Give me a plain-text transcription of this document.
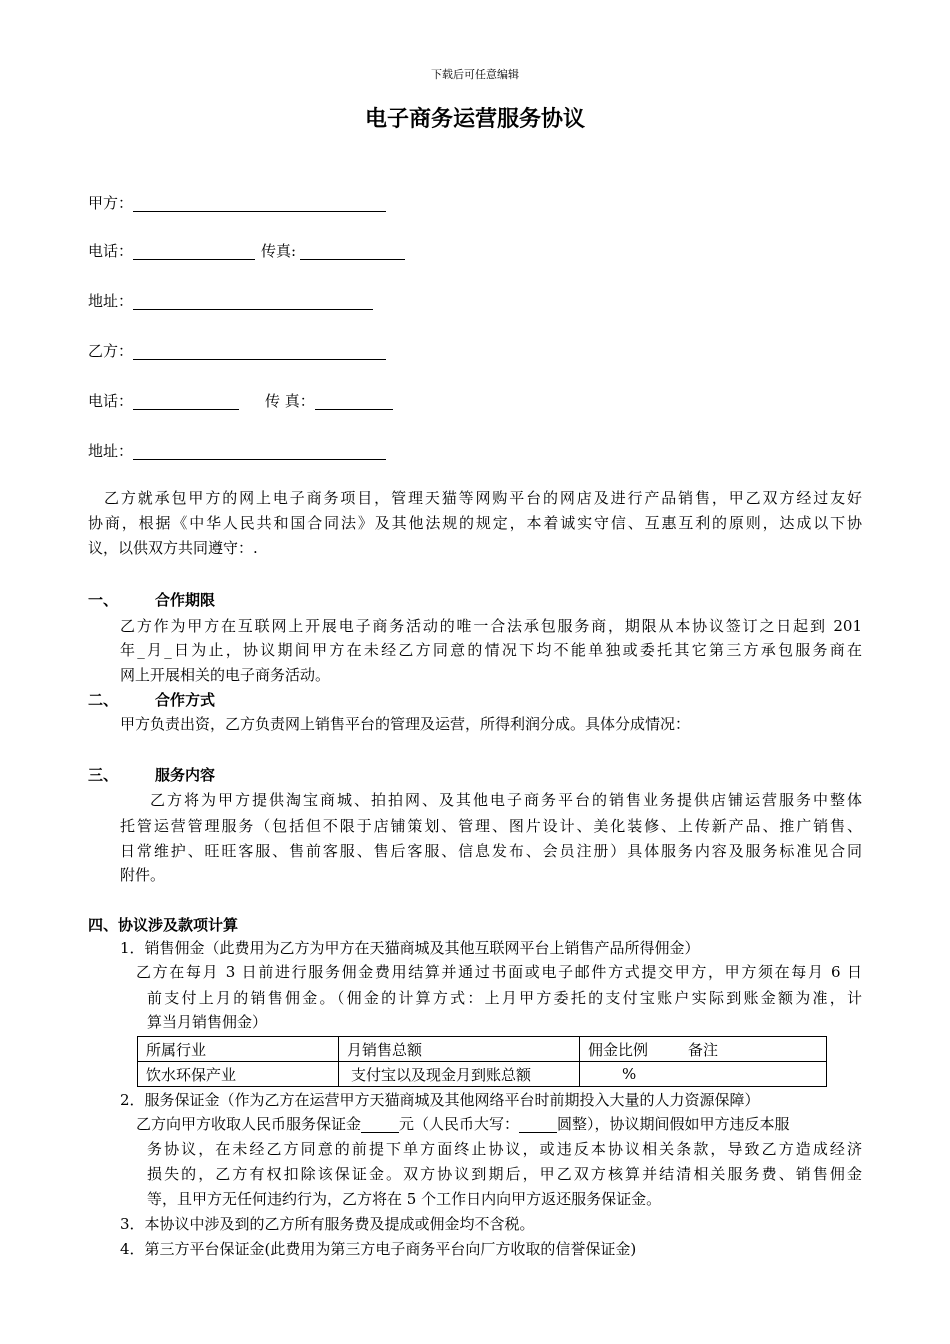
下载后可任意编辑
电子商务运营服务协议
甲方：
电话：	传真:
地址：
乙方：
电话：	传 真：
地址：
乙方就承包甲方的网上电子商务项目，管理天猫等网购平台的网店及进行产品销售，甲乙双方经过友好
协商，根据《中华人民共和国合同法》及其他法规的规定，本着诚实守信、互惠互利的原则，达成以下协
议，以供双方共同遵守：.
一、 合作期限
乙方作为甲方在互联网上开展电子商务活动的唯一合法承包服务商，期限从本协议签订之日起到 201
年_月_日为止，协议期间甲方在未经乙方同意的情况下均不能单独或委托其它第三方承包服务商在
网上开展相关的电子商务活动。
二、 合作方式
甲方负责出资，乙方负责网上销售平台的管理及运营，所得利润分成。具体分成情况：
三、 服务内容
乙方将为甲方提供淘宝商城、拍拍网、及其他电子商务平台的销售业务提供店铺运营服务中整体
托管运营管理服务（包括但不限于店铺策划、管理、图片设计、美化装修、上传新产品、推广销售、
日常维护、旺旺客服、售前客服、售后客服、信息发布、会员注册）具体服务内容及服务标准见合同
附件。
四、协议涉及款项计算
1．销售佣金（此费用为乙方为甲方在天猫商城及其他互联网平台上销售产品所得佣金）
乙方在每月 3 日前进行服务佣金费用结算并通过书面或电子邮件方式提交甲方，甲方须在每月 6 日
前支付上月的销售佣金。（佣金的计算方式：上月甲方委托的支付宝账户实际到账金额为准，计
算当月销售佣金）
所属行业	月销售总额	佣金比例 备注
饮水环保产业	支付宝以及现金月到账总额	%
2．服务保证金（作为乙方在运营甲方天猫商城及其他网络平台时前期投入大量的人力资源保障）
乙方向甲方收取人民币服务保证金	元（人民币大写：	圆整），协议期间假如甲方违反本服
务协议，在未经乙方同意的前提下单方面终止协议，或违反本协议相关条款，导致乙方造成经济
损失的，乙方有权扣除该保证金。双方协议到期后，甲乙双方核算并结清相关服务费、销售佣金
等，且甲方无任何违约行为，乙方将在 5 个工作日内向甲方返还服务保证金。
3．本协议中涉及到的乙方所有服务费及提成或佣金均不含税。
4．第三方平台保证金(此费用为第三方电子商务平台向厂方收取的信誉保证金)
